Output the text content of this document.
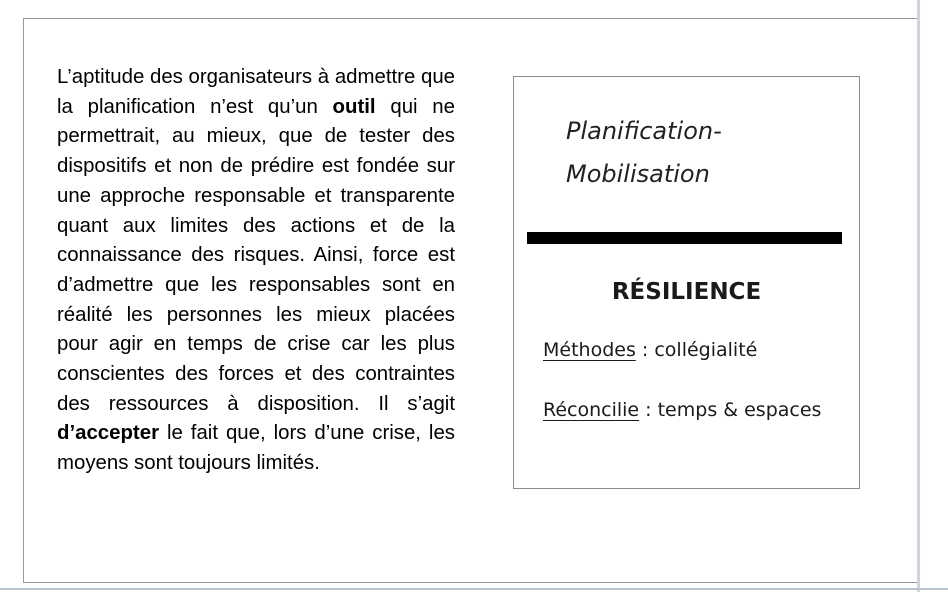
L’aptitude des organisateurs à admettre que la planification n’est qu’un outil qui ne permettrait, au mieux, que de tester des dispositifs et non de prédire est fondée sur une approche responsable et transparente quant aux limites des actions et de la connaissance des risques. Ainsi, force est d’admettre que les responsables sont en réalité les personnes les mieux placées pour agir en temps de crise car les plus conscientes des forces et des contraintes des ressources à disposition. Il s’agit d’accepter le fait que, lors d’une crise, les moyens sont toujours limités.
Planification-
Mobilisation
RÉSILIENCE
Méthodes : collégialité
Réconcilie : temps & espaces
